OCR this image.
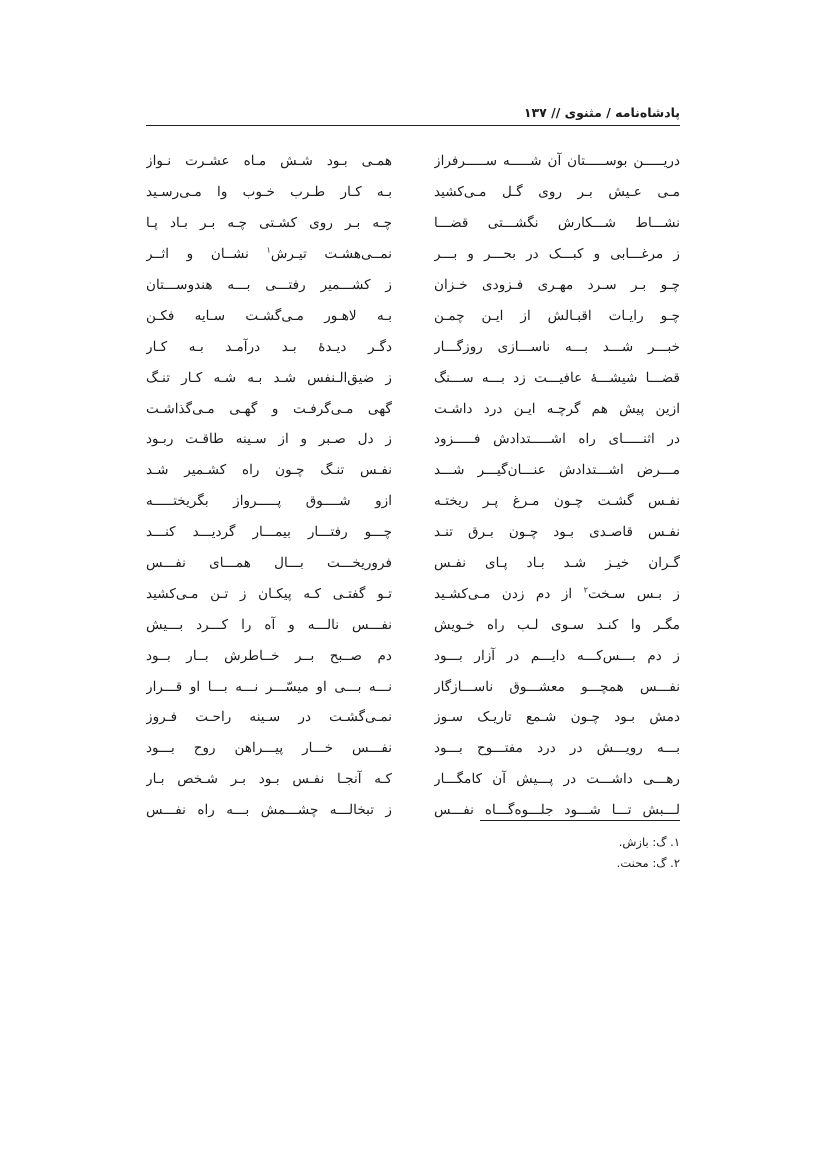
پادشاه‌نامه / مثنوی // ۱۳۷
دریـــــن بوســـــتان آن شـــــه ســـــرفراز
همـی بـود شـش مـاه عشـرت نـواز
مـی عـیش بـر روی گـل مـی‌کشید
بـه کـار طـرب خـوب وا مـی‌رسـید
نشـــاط شـــکارش نگشـــتی قضـــا
چـه بـر روی کشـتی چـه بـر بـاد پـا
ز مرغـــابی و کبـــک در بحـــر و بـــر
نمــی‌هشـت تیـرش$^۱$ نشــان و اثــر
چـو بـر سـرد مهـری فـزودی خـزان
ز کشـــمیر رفتـــی بـــه هندوســـتان
چـو رایـات اقبـالش از ایـن چمـن
بـه لاهـور مـی‌گشـت سـایه فکـن
خبـــر شـــد بـــه ناســـازی روزگـــار
دگـر دیـدهٔ بـد درآمـد بـه کـار
قضـــا شیشـــهٔ عافیـــت زد بـــه ســـنگ
ز ضیق‌الـنفس شـد بـه شـه کـار تنـگ
ازین پیش هم گرچـه ایـن درد داشـت
گهی مـی‌گرفـت و گهـی مـی‌گذاشـت
در اثنـــــای راه اشـــــتدادش فـــــزود
ز دل صـبر و از سـینه طاقـت ربـود
مـــرض اشـــتدادش عنـــان‌گیـــر شـــد
نفـس تنـگ چـون راه کشـمیر شـد
نفـس گشـت چـون مـرغ پـر ریختـه
ازو شــــوق پـــــرواز بگریختـــــه
نفـس قاصـدی بـود چـون بـرق تنـد
چـــو رفتـــار بیمـــار گردیـــد کنـــد
گـران خیـز شـد بـاد پـای نفـس
فروریخـــت بـــال همـــای نفـــس
ز بـس سـخت$^۲$ از دم زدن مـی‌کشـید
تـو گفتـی کـه پیکـان ز تـن مـی‌کشید
مگـر وا کنـد سـوی لـب راه خـویش
نفـــس نالـــه و آه را کـــرد بـــیش
ز دم بـــس‌کـــه دایـــم در آزار بـــود
دم صــبح بــر خــاطرش بــار بــود
نفـــس همچـــو معشـــوق ناســـازگار
نـــه بـــی او میسّـــر نـــه بـــا او قـــرار
دمش بـود چـون شـمع تاریـک سـوز
نمـی‌گشـت در سـینه راحـت فـروز
بـــه رویـــش در درد مفتـــوح بـــود
نفـــس خـــار پیـــراهن روح بـــود
رهـــی داشـــت در پـــیش آن کامگـــار
کـه آنجـا نفـس بـود بـر شـخص بـار
لـــبش تـــا شـــود جلـــوه‌گـــاه نفـــس
ز تبخالـــه چشـــمش بـــه راه نفـــس
۱. گ: بازش.
۲. گ: محنت.
